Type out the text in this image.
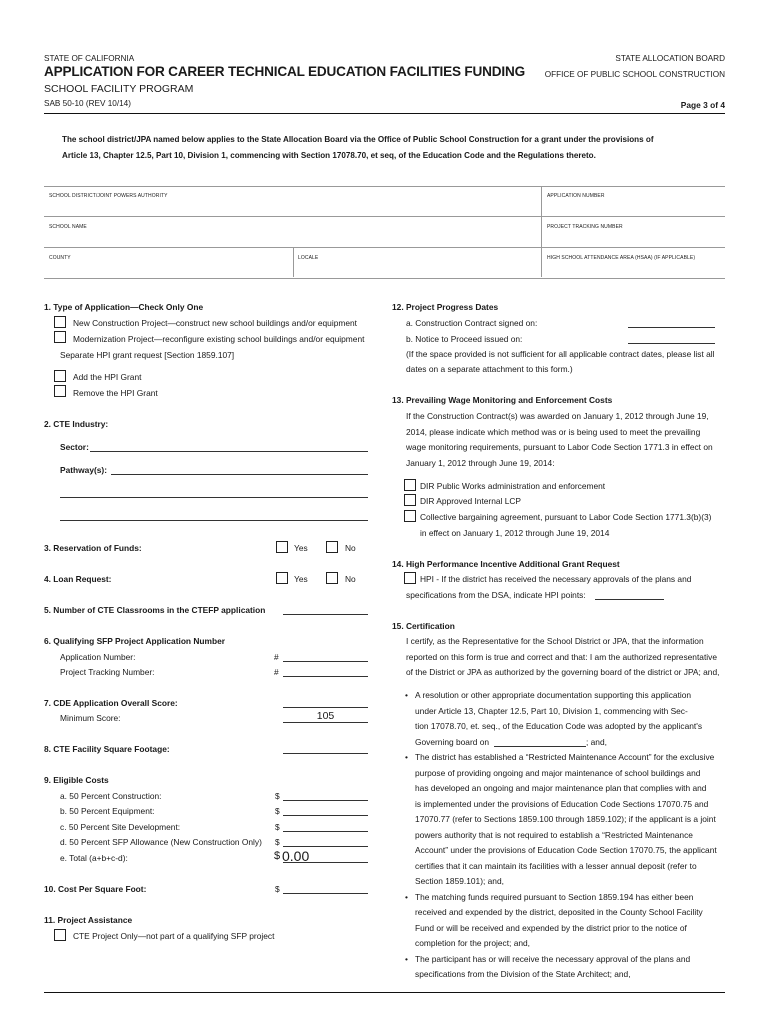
STATE OF CALIFORNIA
APPLICATION FOR CAREER TECHNICAL EDUCATION FACILITIES FUNDING
SCHOOL FACILITY PROGRAM
SAB 50-10 (REV 10/14)
STATE ALLOCATION BOARD
OFFICE OF PUBLIC SCHOOL CONSTRUCTION
Page 3 of 4
The school district/JPA named below applies to the State Allocation Board via the Office of Public School Construction for a grant under the provisions of
Article 13, Chapter 12.5, Part 10, Division 1, commencing with Section 17078.70, et seq, of the Education Code and the Regulations thereto.
SCHOOL DISTRICT/JOINT POWERS AUTHORITY	APPLICATION NUMBER
SCHOOL NAME	PROJECT TRACKING NUMBER
COUNTY	LOCALE	HIGH SCHOOL ATTENDANCE AREA (HSAA) (IF APPLICABLE)
1. Type of Application—Check Only One
New Construction Project—construct new school buildings and/or equipment
Modernization Project—reconfigure existing school buildings and/or equipment
Separate HPI grant request [Section 1859.107]
Add the HPI Grant
Remove the HPI Grant
2. CTE Industry:
Sector:
Pathway(s):
3. Reservation of Funds:	Yes	No
4. Loan Request:	Yes	No
5. Number of CTE Classrooms in the CTEFP application
6. Qualifying SFP Project Application Number
Application Number:	#
Project Tracking Number:	#
7. CDE Application Overall Score:
Minimum Score:	105
8. CTE Facility Square Footage:
9. Eligible Costs
a. 50 Percent Construction:	$
b. 50 Percent Equipment:	$
c. 50 Percent Site Development:	$
d. 50 Percent SFP Allowance (New Construction Only) $
e. Total (a+b+c-d):	$ 0.00
10. Cost Per Square Foot:	$
11. Project Assistance
CTE Project Only—not part of a qualifying SFP project
12. Project Progress Dates
a. Construction Contract signed on:
b. Notice to Proceed issued on:
(If the space provided is not sufficient for all applicable contract dates, please list all
dates on a separate attachment to this form.)
13. Prevailing Wage Monitoring and Enforcement Costs
If the Construction Contract(s) was awarded on January 1, 2012 through June 19,
2014, please indicate which method was or is being used to meet the prevailing
wage monitoring requirements, pursuant to Labor Code Section 1771.3 in effect on
January 1, 2012 through June 19, 2014:
DIR Public Works administration and enforcement
DIR Approved Internal LCP
Collective bargaining agreement, pursuant to Labor Code Section 1771.3(b)(3)
in effect on January 1, 2012 through June 19, 2014
14. High Performance Incentive Additional Grant Request
HPI - If the district has received the necessary approvals of the plans and
specifications from the DSA, indicate HPI points:
15. Certification
I certify, as the Representative for the School District or JPA, that the information
reported on this form is true and correct and that: I am the authorized representative
of the District or JPA as authorized by the governing board of the district or JPA; and,
• A resolution or other appropriate documentation supporting this application
under Article 13, Chapter 12.5, Part 10, Division 1, commencing with Sec-
tion 17078.70, et. seq., of the Education Code was adopted by the applicant's
Governing board on	; and,
• The district has established a “Restricted Maintenance Account” for the exclusive
purpose of providing ongoing and major maintenance of school buildings and
has developed an ongoing and major maintenance plan that complies with and
is implemented under the provisions of Education Code Sections 17070.75 and
17070.77 (refer to Sections 1859.100 through 1859.102); if the applicant is a joint
powers authority that is not required to establish a “Restricted Maintenance
Account” under the provisions of Education Code Section 17070.75, the applicant
certifies that it can maintain its facilities with a lesser annual deposit (refer to
Section 1859.101); and,
• The matching funds required pursuant to Section 1859.194 has either been
received and expended by the district, deposited in the County School Facility
Fund or will be received and expended by the district prior to the notice of
completion for the project; and,
• The participant has or will receive the necessary approval of the plans and
specifications from the Division of the State Architect; and,
